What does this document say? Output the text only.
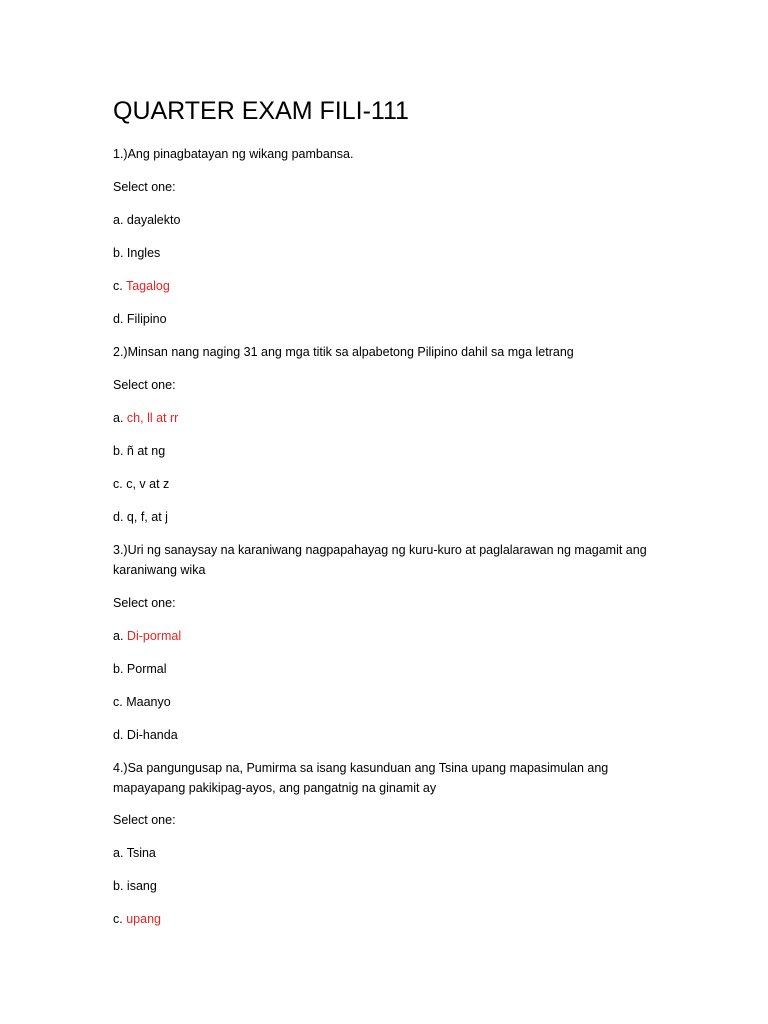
QUARTER EXAM FILI-111
1.)Ang pinagbatayan ng wikang pambansa.
Select one:
a. dayalekto
b. Ingles
c. Tagalog
d. Filipino
2.)Minsan nang naging 31 ang mga titik sa alpabetong Pilipino dahil sa mga letrang
Select one:
a. ch, ll at rr
b. ñ at ng
c. c, v at z
d. q, f, at j
3.)Uri ng sanaysay na karaniwang nagpapahayag ng kuru-kuro at paglalarawan ng magamit ang
karaniwang wika
Select one:
a. Di-pormal
b. Pormal
c. Maanyo
d. Di-handa
4.)Sa pangungusap na, Pumirma sa isang kasunduan ang Tsina upang mapasimulan ang
mapayapang pakikipag-ayos, ang pangatnig na ginamit ay
Select one:
a. Tsina
b. isang
c. upang
